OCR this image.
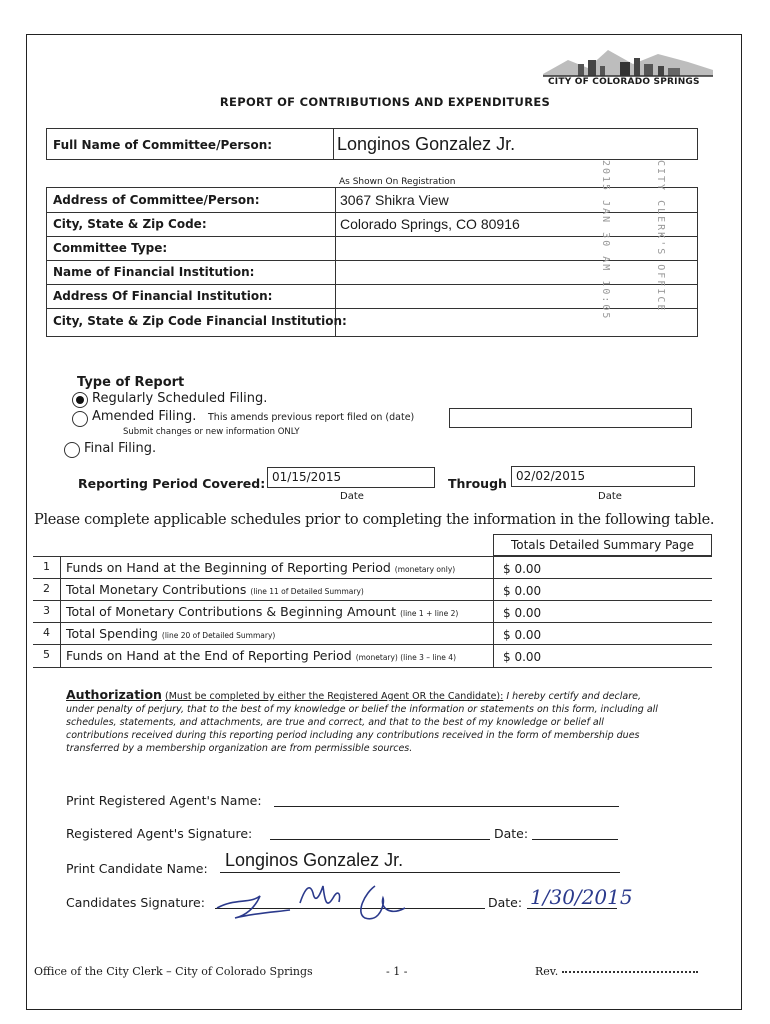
CITY OF COLORADO SPRINGS
REPORT OF CONTRIBUTIONS AND EXPENDITURES
Full Name of Committee/Person:	Longinos Gonzalez Jr.
As Shown On Registration
Address of Committee/Person:	3067 Shikra View
City, State & Zip Code:	Colorado Springs, CO 80916
Committee Type:
Name of Financial Institution:
Address Of Financial Institution:
City, State & Zip Code Financial Institution:
2015 JAN 30 AM 10:05	CITY CLERK'S OFFICE
Type of Report
Regularly Scheduled Filing.
Amended Filing. This amends previous report filed on (date)
Submit changes or new information ONLY
Final Filing.
Reporting Period Covered: 01/15/2015
Date
Through 02/02/2015
Date
Please complete applicable schedules prior to completing the information in the following table.
Totals Detailed Summary Page
1	Funds on Hand at the Beginning of Reporting Period (monetary only)	$ 0.00
2	Total Monetary Contributions (line 11 of Detailed Summary)	$ 0.00
3	Total of Monetary Contributions & Beginning Amount (line 1 + line 2)	$ 0.00
4	Total Spending (line 20 of Detailed Summary)	$ 0.00
5	Funds on Hand at the End of Reporting Period (monetary) (line 3 – line 4)	$ 0.00
Authorization (Must be completed by either the Registered Agent OR the Candidate): I hereby certify and declare, under penalty of perjury, that to the best of my knowledge or belief the information or statements on this form, including all schedules, statements, and attachments, are true and correct, and that to the best of my knowledge or belief all contributions received during this reporting period including any contributions received in the form of membership dues transferred by a membership organization are from permissible sources.
Print Registered Agent's Name:
Registered Agent's Signature:	Date:
Print Candidate Name: Longinos Gonzalez Jr.
Candidates Signature:	Date: 1/30/2015
Office of the City Clerk – City of Colorado Springs	- 1 -	Rev.
